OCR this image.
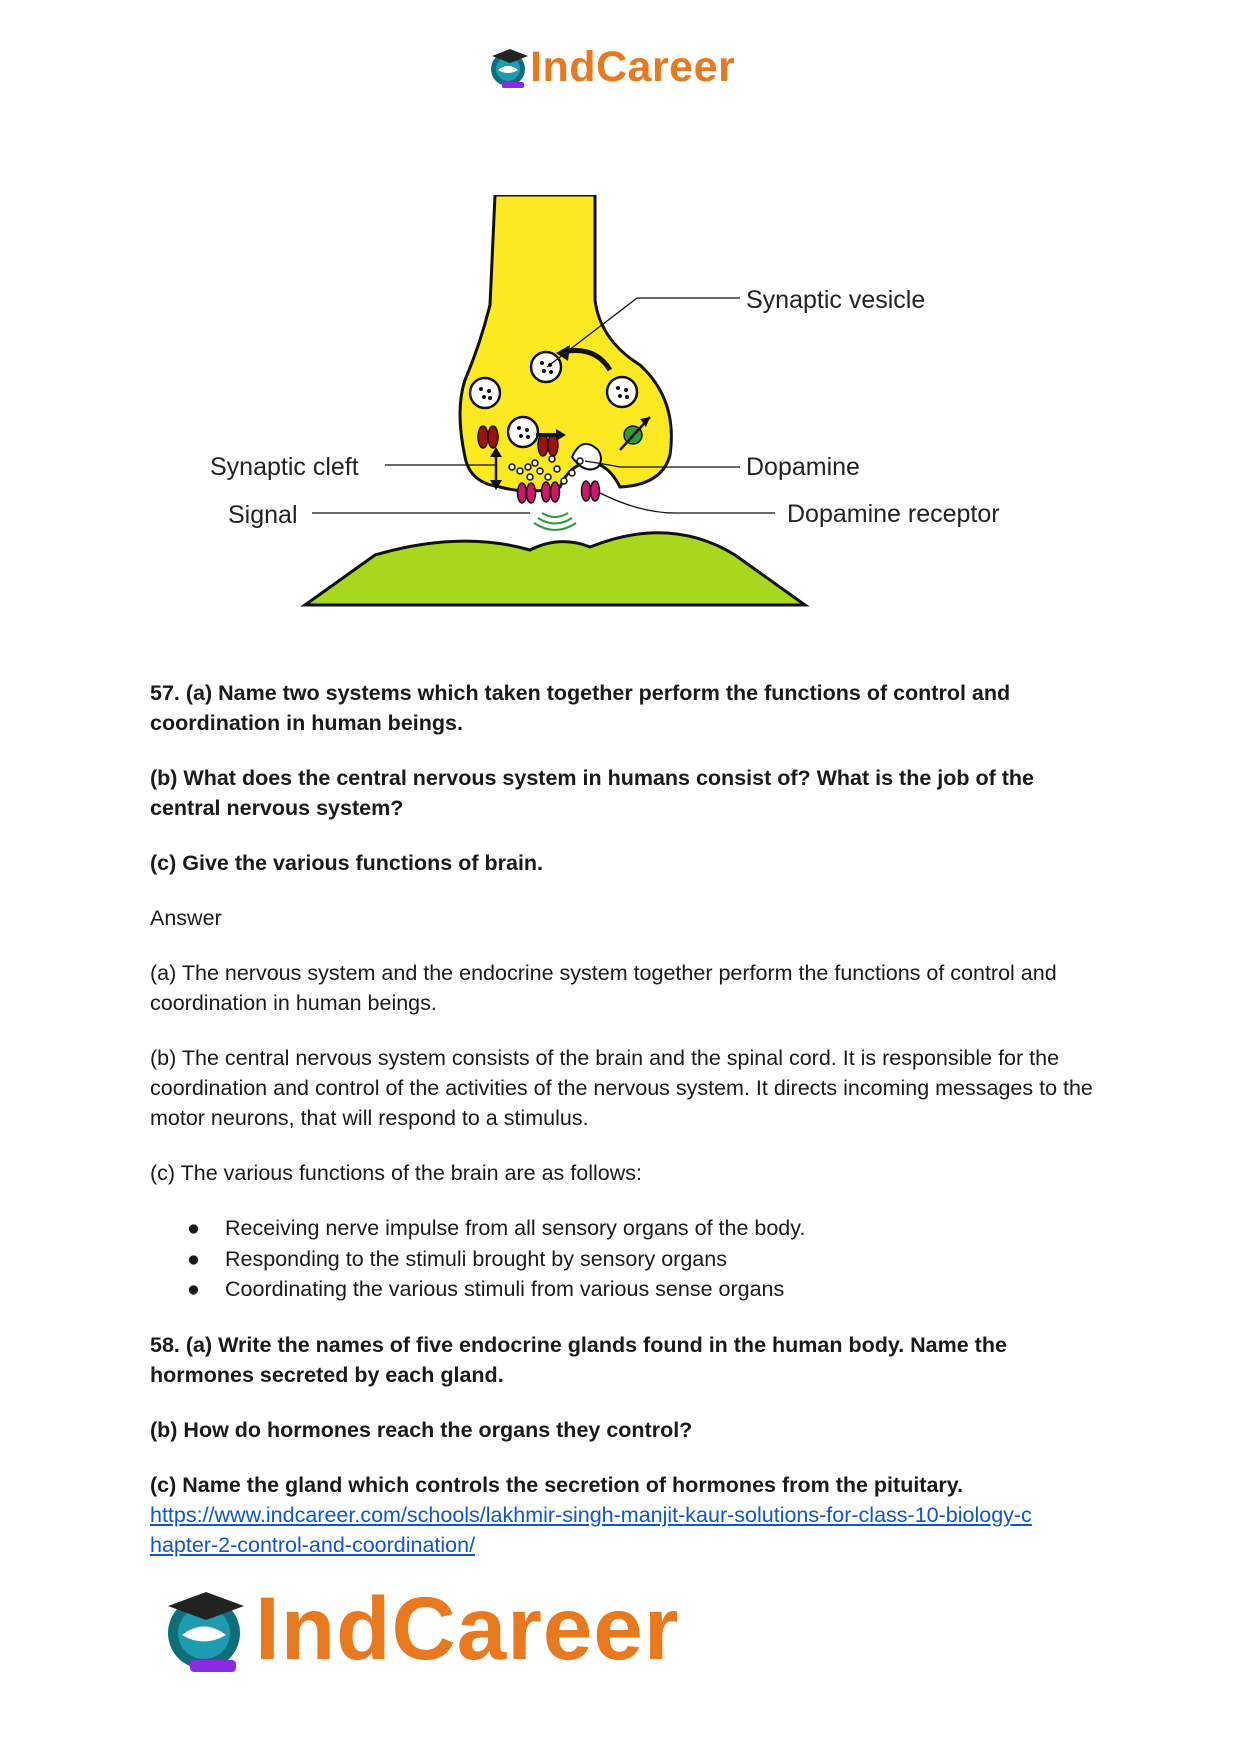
IndCareer
Synaptic vesicle
Synaptic cleft	Dopamine
Signal	Dopamine receptor

57. (a) Name two systems which taken together perform the functions of control and coordination in human beings.

(b) What does the central nervous system in humans consist of? What is the job of the central nervous system?

(c) Give the various functions of brain.

Answer

(a) The nervous system and the endocrine system together perform the functions of control and coordination in human beings.

(b) The central nervous system consists of the brain and the spinal cord. It is responsible for the coordination and control of the activities of the nervous system. It directs incoming messages to the motor neurons, that will respond to a stimulus.

(c) The various functions of the brain are as follows:

● Receiving nerve impulse from all sensory organs of the body.
● Responding to the stimuli brought by sensory organs
● Coordinating the various stimuli from various sense organs

58. (a) Write the names of five endocrine glands found in the human body. Name the hormones secreted by each gland.

(b) How do hormones reach the organs they control?

(c) Name the gland which controls the secretion of hormones from the pituitary.

https://www.indcareer.com/schools/lakhmir-singh-manjit-kaur-solutions-for-class-10-biology-c
hapter-2-control-and-coordination/

IndCareer
